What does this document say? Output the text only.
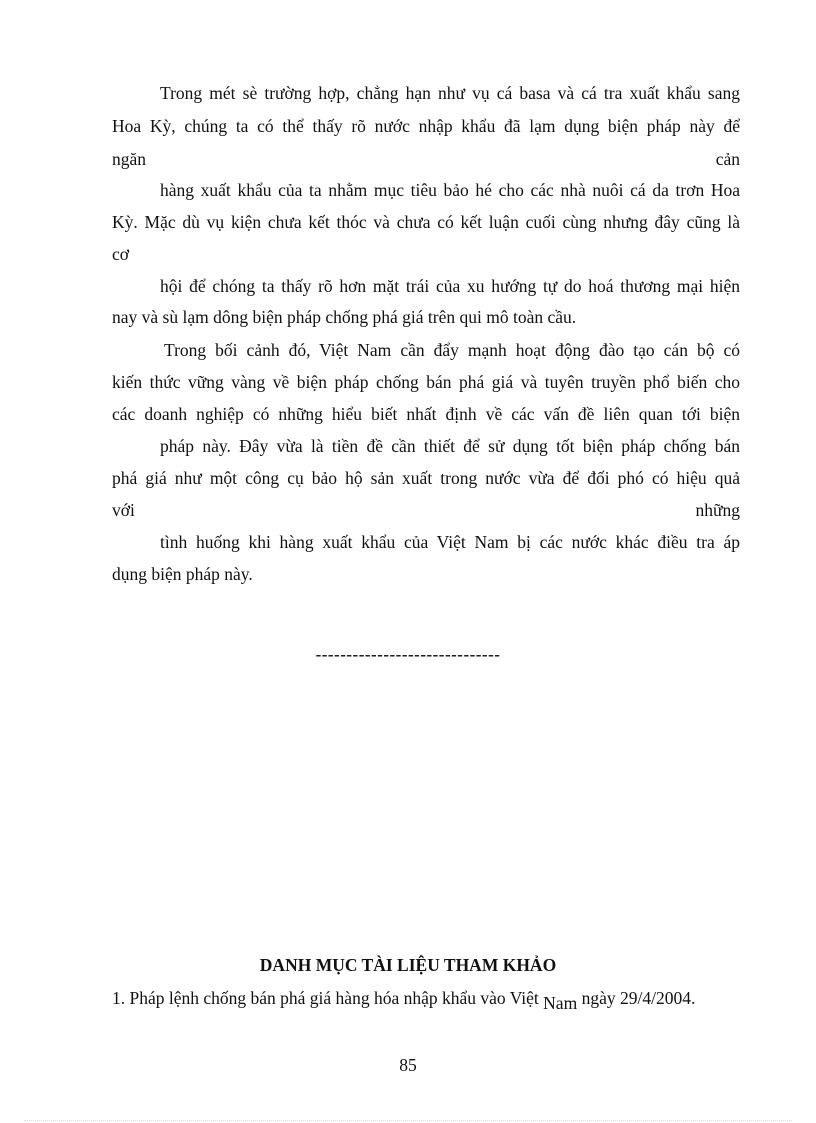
Trong mét sè trường hợp, chẳng hạn như vụ cá basa và cá tra xuất khẩu sang
Hoa Kỳ, chúng ta có thể thấy rõ nước nhập khẩu đã lạm dụng biện pháp này để
ngăn	cản
hàng xuất khẩu của ta nhằm mục tiêu bảo hé cho các nhà nuôi cá da trơn Hoa
Kỳ. Mặc dù vụ kiện chưa kết thóc và chưa có kết luận cuối cùng nhưng đây cũng là
cơ
hội để chóng ta thấy rõ hơn mặt trái của xu hướng tự do hoá thương mại hiện
nay và sù lạm dông biện pháp chống phá giá trên qui mô toàn cầu.
Trong bối cảnh đó, Việt Nam cần đẩy mạnh hoạt động đào tạo cán bộ có
kiến thức vững vàng về biện pháp chống bán phá giá và tuyên truyền phổ biến cho
các doanh nghiệp có những hiểu biết nhất định về các vấn đề liên quan tới biện
pháp này. Đây vừa là tiền đề cần thiết để sử dụng tốt biện pháp chống bán
phá giá như một công cụ bảo hộ sản xuất trong nước vừa để đối phó có hiệu quả
với	những
tình huống khi hàng xuất khẩu của Việt Nam bị các nước khác điều tra áp
dụng biện pháp này.
------------------------------
DANH MỤC TÀI LIỆU THAM KHẢO
1. Pháp lệnh chống bán phá giá hàng hóa nhập khẩu vào Việt Nam ngày 29/4/2004.
85
